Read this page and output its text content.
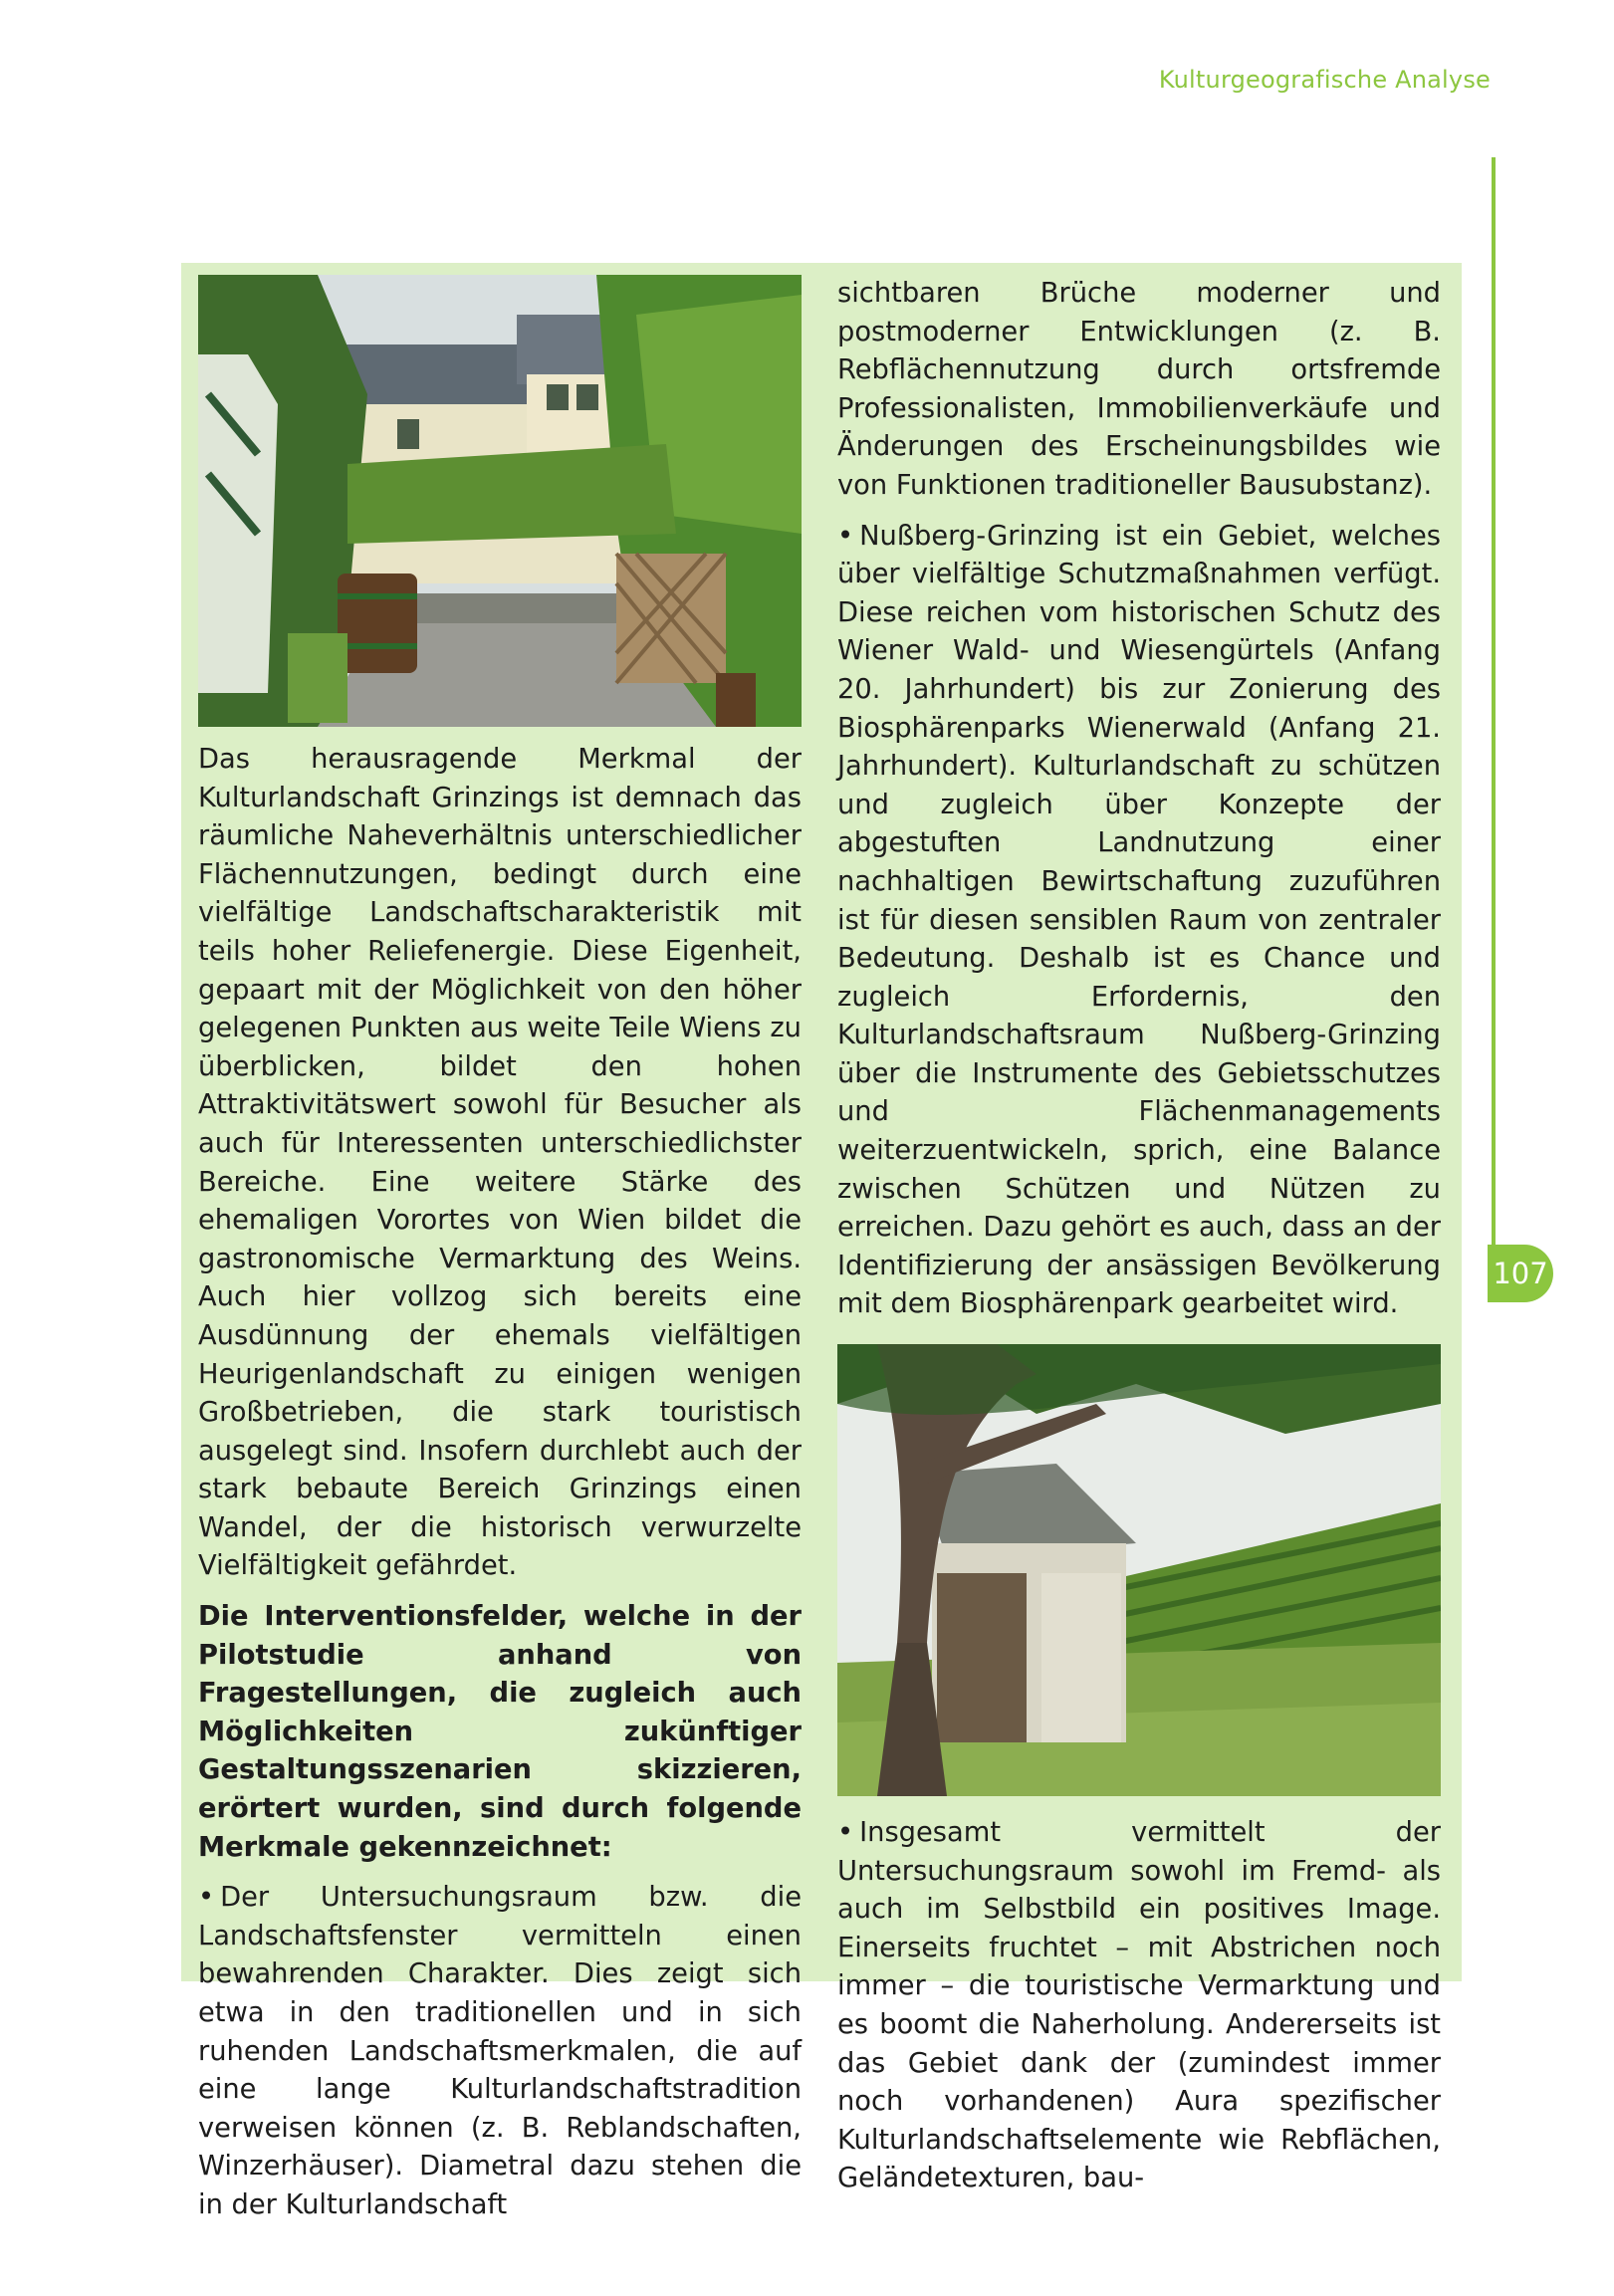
Kulturgeografische Analyse
107

Das herausragende Merkmal der Kulturlandschaft Grinzings ist demnach das räumliche Naheverhältnis unterschiedlicher Flächennutzungen, bedingt durch eine vielfältige Landschaftscharakteristik mit teils hoher Reliefenergie. Diese Eigenheit, gepaart mit der Möglichkeit von den höher gelegenen Punkten aus weite Teile Wiens zu überblicken, bildet den hohen Attraktivitätswert sowohl für Besucher als auch für Interessenten unterschiedlichster Bereiche. Eine weitere Stärke des ehemaligen Vorortes von Wien bildet die gastronomische Vermarktung des Weins. Auch hier vollzog sich bereits eine Ausdünnung der ehemals vielfältigen Heurigenlandschaft zu einigen wenigen Großbetrieben, die stark touristisch ausgelegt sind. Insofern durchlebt auch der stark bebaute Bereich Grinzings einen Wandel, der die historisch verwurzelte Vielfältigkeit gefährdet.

Die Interventionsfelder, welche in der Pilotstudie anhand von Fragestellungen, die zugleich auch Möglichkeiten zukünftiger Gestaltungsszenarien skizzieren, erörtert wurden, sind durch folgende Merkmale gekennzeichnet:

• Der Untersuchungsraum bzw. die Landschaftsfenster vermitteln einen bewahrenden Charakter. Dies zeigt sich etwa in den traditionellen und in sich ruhenden Landschaftsmerkmalen, die auf eine lange Kulturlandschaftstradition verweisen können (z. B. Reblandschaften, Winzerhäuser). Diametral dazu stehen die in der Kulturlandschaft

sichtbaren Brüche moderner und postmoderner Entwicklungen (z. B. Rebflächennutzung durch ortsfremde Professionalisten, Immobilienverkäufe und Änderungen des Erscheinungsbildes wie von Funktionen traditioneller Bausubstanz).

• Nußberg-Grinzing ist ein Gebiet, welches über vielfältige Schutzmaßnahmen verfügt. Diese reichen vom historischen Schutz des Wiener Wald- und Wiesengürtels (Anfang 20. Jahrhundert) bis zur Zonierung des Biosphärenparks Wienerwald (Anfang 21. Jahrhundert). Kulturlandschaft zu schützen und zugleich über Konzepte der abgestuften Landnutzung einer nachhaltigen Bewirtschaftung zuzuführen ist für diesen sensiblen Raum von zentraler Bedeutung. Deshalb ist es Chance und zugleich Erfordernis, den Kulturlandschaftsraum Nußberg-Grinzing über die Instrumente des Gebietsschutzes und Flächenmanagements weiterzuentwickeln, sprich, eine Balance zwischen Schützen und Nützen zu erreichen. Dazu gehört es auch, dass an der Identifizierung der ansässigen Bevölkerung mit dem Biosphärenpark gearbeitet wird.

• Insgesamt vermittelt der Untersuchungsraum sowohl im Fremd- als auch im Selbstbild ein positives Image. Einerseits fruchtet – mit Abstrichen noch immer – die touristische Vermarktung und es boomt die Naherholung. Andererseits ist das Gebiet dank der (zumindest immer noch vorhandenen) Aura spezifischer Kulturlandschaftselemente wie Rebflächen, Geländetexturen, bau-
